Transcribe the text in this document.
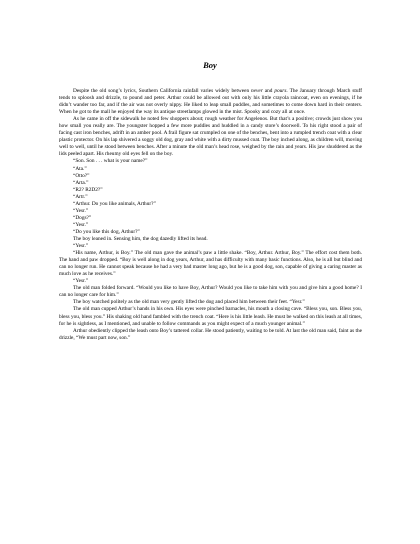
Boy

Despite the old song’s lyrics, Southern California rainfall varies widely between never and pours. The January through March stuff tends to sploosh and drizzle, to pound and peter. Arthur could be allowed out with only his little crayola raincoat, even on evenings, if he didn’t wander too far, and if the air was not overly nippy. He liked to leap small puddles, and sometimes to come down hard in their centers. When he got to the mall he enjoyed the way its antique streetlamps glowed in the mist. Spooky and cozy all at once.

As he came in off the sidewalk he noted few shoppers about; rough weather for Angelenos. But that’s a positive; crowds just show you how small you really are. The youngster hopped a few more puddles and huddled in a candy store’s doorwell. To his right stood a pair of facing cast iron benches, adrift in an amber pool. A frail figure sat crumpled on one of the benches, bent into a rumpled trench coat with a clear plastic protector. On his lap shivered a soggy old dog, gray and white with a dirty mussed coat. The boy inched along, as children will, moving well to well, until he stood between benches. After a minute the old man’s head rose, weighed by the rain and years. His jaw shuddered as the lids peeled apart. His rheumy old eyes fell on the boy.

“Son. Son . . . what is your name?”

“Ata.”

“Otto?”

“Arta.”

“R2? R2D2?”

“Artr.”

“Arthur. Do you like animals, Arthur?”

“Yesr.”

“Dogs?”

“Yesr.”

“Do you like this dog, Arthur?”

The boy leaned in. Sensing him, the dog dazedly lifted its head.

“Yesr.”

“His name, Arthur, is Boy.” The old man gave the animal’s paw a little shake. “Boy, Arthur. Arthur, Boy.” The effort cost them both. The hand and paw dropped. “Boy is well along in dog years, Arthur, and has difficulty with many basic functions. Also, he is all but blind and can no longer run. He cannot speak because he had a very bad master long ago, but he is a good dog, son, capable of giving a caring master as much love as he receives.”

“Yesr.”

The old man folded forward. “Would you like to have Boy, Arthur? Would you like to take him with you and give him a good home? I can no longer care for him.”

The boy watched politely as the old man very gently lifted the dog and placed him between their feet. “Yesr.”

The old man cupped Arthur’s hands in his own. His eyes were pinched barnacles, his mouth a closing cave. “Bless you, son. Bless you, bless you, bless you.” His shaking old hand fambled with the trench coat. “Here is his little leash. He must be walked on this leash at all times, for he is sightless, as I mentioned, and unable to follow commands as you might expect of a much younger animal.”

Arthur obediently clipped the leash onto Boy’s tattered collar. He stood patiently, waiting to be told. At last the old man said, faint as the drizzle, “We must part now, son.”
